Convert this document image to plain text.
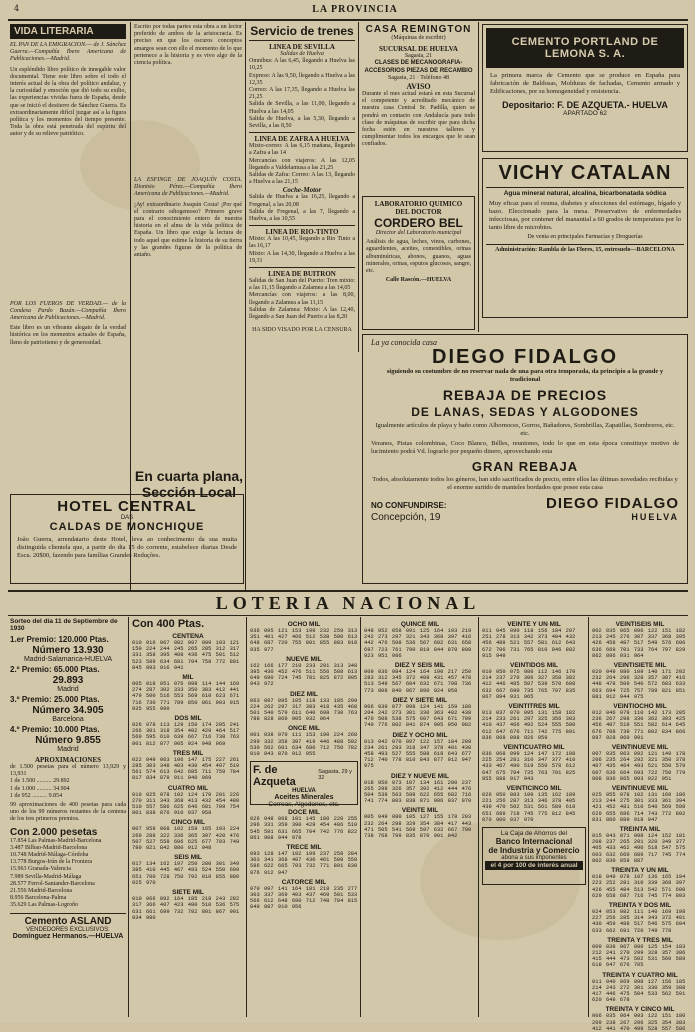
4	LA PROVINCIA
VIDA LITERARIA
EL PAN DE LA EMIGRACION.— de J. Sánchez Guerra.—Compañía Ibero Americana de Publicaciones.—Madrid.
Un espléndido libro político de innegable valor documental. Tiene este libro sobre el todo el interés actual de la obra del político andaluz, y la curiosidad y emoción que dió todo su exilio, las experiencias vividas fuera de España, desde que se inició el destierro de Sánchez Guerra. Es extraordinariamente difícil juzgar así a la figura política y los momentos del tiempo presente. Toda la obra está penetrada del espíritu del autor y de su relieve patriótico.
POR LOS FUEROS DE VERDAD.— de la Condesa Pardo Bazán.—Compañía Ibero Americana de Publicaciones.—Madrid.
Este libro es un vibrante alegato de la verdad histórica en los momentos actuales de España, lleno de patriotismo y de generosidad.
Escrito por todas partes esta obra a un lector preferido de ambos de la aristocracia. Es preciso en que los oscuros conceptos amargos sean con ello el momento de lo que pertenece a la historia y es vivo algo de la ciencia política.
LA ESFINGE DE JOAQUÍN COSTA. Dionisio Pérez.—Compañía Ibero Americana de Publicaciones.—Madrid.
¡Ay! extraordinario Joaquín Costa! ¡Por qué el contrario odiogemoso? Primero grave para el conocimiento entero de nuestra historia en el alma de la vida política de España. Un libro que exige la lectura de todo aquel que estime la historia de su tierra y las grandes figuras de la política de antaño.
En cuarta plana,
Sección Local
HOTEL CENTRAL
DAS
CALDAS DE MONCHIQUE
João Guerra, arrendatario deste Hotel, leva ao conhecimento da sua muita distinguida clientela que, a partir do dia 15 do corrente, estabelece diarias Desde Escu. 20$00, fazendo para famílias Grandes Reduções.
Servicio de trenes
LINEA DE SEVILLA
Salidas de Huelva
Omnibus: A las 6,45, llegando a Huelva las 10,25
Expreso: A las 9,50, llegando a Huelva a las 12,35
Correo: A las 17,35, llegando a Huelva las 21,25
Salida de Sevilla, a las 11,00, llegando a Huelva a las 14,05
Salida de Huelva, a las 5,30, llegando a Sevilla, a las 8,50
LINEA DE ZAFRA A HUELVA
Mixto-correo: A las 6,15 mañana, llegando a Zafra a las 14
Mercancías con viajeros: A las 12,05 llegando a Valdelamusa a las 21,25
Salidas de Zafra: Correo: A las 13, llegando a Huelva a las 21,15
Coche-Motor
Salida de Huelva a las 16,25, llegando a Fregenal, a las 20,08
Salida de Fregenal, a las 7, llegando a Huelva, a las 10,55
LINEA DE RIO-TINTO
Mixto: A las 10,45, llegando a Rio Tinto a las 16,17
Mixto: A las 14,30, llegando a Huelva a las 19,31
LINEA DE BUITRON
Salidas de San Juan del Puerto: Tren mixto: a las 11,15 llegando a Zalamea a las 14,05
Mercancías con viajeros: a las 8,00, llegando a Zalamea a las 11,15
Salidas de Zalamea: Mixto: A las 12,40, llegando a San Juan del Puerto a las 8,20
HA SIDO VISADO POR LA CENSURA
CASA REMINGTON
(Máquinas de escribir)
SUCURSAL DE HUELVA
Sagasta, 21
CLASES DE MECANOGRAFIA- ACCESORIOS PIEZAS DE RECAMBIO
Sagasta, 21 · Teléfono 48
AVISO
Durante el mes actual estará en esta Sucursal el competente y acreditado mecánico de nuestra casa Central Sr. Padilla, quien se pondrá en contacto con Andalucía para todo clase de máquinas de escribir que para dicha fecha estén en nuestros talleres y cumplimentar todos los encargos que le sean confiados.
LABORATORIO QUIMICO
DEL DOCTOR
CORDERO BEL
Director del Laboratorio municipal
Análisis de agua, leches, vinos, carbones, aguardientes, aceites, comestibles, orinas albuminúricas, abonos, guanos, aguas minerales, orinas, esputos glucosos, sangre, etc.
Calle Rascón.—HUELVA
CEMENTO PORTLAND DE LEMONA S. A.
La primera marca de Cemento que se produce en España para fabricación de Baldosas, Molduras de fachadas, Cemento armado y Edificaciones, por su homogeneidad y resistencia.
Depositario: F. DE AZQUETA.- HUELVA
APARTADO 62
VICHY CATALAN
Agua mineral natural, alcalina, bicarbonatada sódica
Muy eficaz para el reuma, diabetes y afecciones del estómago, hígado y bazo. Eleccionado para la mesa. Preservativo de enfermedades infecciosas, por contener del manantial a 60 grados de temperatura por lo tanto libre de microbios.
De venta en principales Farmacias y Droguerías
Administración: Rambla de las Flores, 15, entresuelo—BARCELONA
La ya conocida casa
DIEGO FIDALGO
siguiendo su costumbre de no reservar nada de una para otra temporada, da principio a la grande y tradicional
REBAJA DE PRECIOS
DE LANAS, SEDAS Y ALGODONES
Igualmente artículos de playa y baño como Albornoces, Gorros, Bañadores, Sombrillas, Zapatillas, Sombreros, etc. etc.
Veranos, Pistas colombinas, Coco Blanco, Bélles, reuniones, todo lo que en esta época constituye motivo de lucimiento podrá Vd. lograrlo por pequeño dinero, aprovechando esta
GRAN REBAJA
Todos, absolutamente todos los géneros, han sido sacrificados de precio, entre ellos las últimas novedades recibidas y el enorme surtido de manteles bordados que posee esta casa
NO CONFUNDIRSE:	DIEGO FIDALGO
Concepción, 19	HUELVA
LOTERIA NACIONAL
Sorteo del día 11 de Septiembre de 1930
1.er Premio: 120.000 Ptas.
Número 13.930
Madrid-Salamanca-HUELVA
2.º Premio: 65.000 Ptas.
29.893
Madrid
3.º Premio: 25.000 Ptas.
Número 34.905
Barcelona
4.º Premio: 10.000 Ptas.
Número 9.855
Madrid
APROXIMACIONES
de 1.500 pesetas para el número 13,929 y 13,931
1 de 1.500 .......... 29.892
1 de 1.000 .......... 34.904
1 de 952 .......... 9.854
99 aproximaciones de 400 pesetas para cada uno de los 99 números restantes de la centena de los tres primeros premios.
Con 2.000 pesetas
17.854 Las Palmas-Madrid-Barcelona
3.487 Bilbao-Madrid-Barcelona
10.748 Madrid-Málaga-Córdoba
13.778 Burgos-Irún de la Frontera
15.963 Granada-Valencia
7.989 Sevilla-Madrid-Málaga
28.577 Ferrol-Santander-Barcelona
21.556 Madrid-Barcelona
8.956 Barcelona-Palma
35.629 Las Palmas-Logroño
Cemento ASLAND
VENDEDORES EXCLUSIVOS:
Domínguez Hermanos.—HUELVA
Con 400 Ptas.
CENTENA
010 016 067 082 097 099 103 121 150 224 244 245 265 285 312 317 331 358 395 408 436 475 501 512 523 589 634 681 704 758 772 801 845 893 916 941
MIL
005 018 051 076 098 114 144 169 274 287 302 333 350 383 412 441 479 500 516 553 569 610 623 671 716 730 771 789 850 861 903 915 935 955 990
DOS MIL
026 078 113 129 150 174 205 241 266 301 318 354 402 429 464 517 560 595 610 639 667 716 738 763 801 812 877 905 924 948 969
TRES MIL
022 049 063 106 147 175 227 261 285 303 348 403 430 454 497 519 561 574 613 642 685 711 759 784 817 834 879 911 940 969
CUATRO MIL
010 025 078 102 124 170 201 226 270 311 343 368 413 432 454 480 510 557 586 625 646 681 709 754 801 838 876 910 937 958
CINCO MIL
007 059 068 102 159 165 193 224 269 288 322 336 365 397 420 476 507 527 558 606 625 677 703 749 780 821 842 880 912 948
SEIS MIL
017 134 162 197 250 280 301 349 385 410 445 467 493 524 550 609 651 700 728 750 792 810 855 880 925 970
SIETE MIL
010 066 092 164 185 218 243 282 317 366 407 423 480 510 536 575 631 661 699 732 782 801 867 901 934 980
OCHO MIL
036 095 121 153 199 232 259 313 351 401 427 466 512 538 580 613 648 687 720 755 801 855 883 918 935 977
NUEVE MIL
162 166 177 210 233 291 313 348 395 430 452 476 511 556 588 613 649 690 724 745 781 825 872 905 943 972
DIEZ MIL
063 087 095 105 118 133 185 209 224 262 297 317 383 418 435 468 501 540 579 611 640 698 730 763 788 828 869 905 932 964
ONCE MIL
001 038 070 111 153 190 224 268 299 332 358 397 419 446 488 502 530 562 601 634 680 712 750 782 810 843 870 912 955
F. de Azqueta
Sagasta, 29 y 32
HUELVA
Aceites Minerales
Correas, Algodones, etc.
DOCE MIL
026 048 068 101 145 180 220 255 296 331 359 390 429 454 486 510 545 591 631 665 704 742 776 822 861 908 944 978
TRECE MIL
093 128 147 182 199 237 258 284 303 341 368 407 430 461 508 550 586 622 665 703 732 771 801 838 876 912 947
CATORCE MIL
070 097 141 164 181 218 235 277 303 337 369 403 437 469 501 533 566 612 648 690 712 748 784 815 849 887 910 956
QUINCE MIL
048 052 058 091 125 164 193 219 242 273 297 321 343 368 397 416 442 476 508 536 567 602 631 658 697 723 761 790 819 844 870 898 923 951 986
DIEZ Y SEIS MIL
009 036 084 124 164 190 217 250 283 312 345 372 408 431 457 478 513 549 567 604 632 671 708 736 773 808 840 867 890 924 958
DIEZ Y SIETE MIL
006 039 077 098 124 141 159 180 204 242 273 301 330 363 402 438 470 508 538 575 607 643 671 709 740 776 802 841 874 905 950 982
DIEZ Y OCHO MIL
013 042 070 097 122 157 184 209 234 261 293 318 347 378 401 430 458 493 527 555 588 618 643 677 712 740 778 810 843 877 912 947 975
DIEZ Y NUEVE MIL
018 050 073 107 134 161 200 237 265 299 326 357 392 412 444 476 504 539 563 598 622 655 682 716 741 774 803 838 871 906 937 970
VEINTE MIL
005 049 080 105 127 155 178 203 232 264 298 329 354 384 417 443 471 505 541 569 597 632 667 700 738 768 799 835 870 901 942
VEINTE Y UN MIL
011 045 090 118 156 184 207 251 278 313 342 373 404 432 456 489 521 557 581 612 643 672 706 731 765 810 846 882 915 949
VEINTIDOS MIL
010 050 075 080 112 146 170 214 237 270 306 327 358 382 412 446 485 507 539 570 608 632 667 690 735 765 797 835 867 894 931 965
VEINTITRES MIL
013 037 070 095 131 158 182 214 233 261 297 325 356 383 410 437 466 492 524 555 580 612 647 676 711 742 775 801 836 868 898 926 959
VEINTICUATRO MIL
036 068 099 124 147 172 198 225 254 281 310 347 377 410 433 467 490 519 550 578 612 647 675 704 735 763 791 825 855 888 917 943
VEINTICINCO MIL
026 050 083 109 135 162 189 221 256 287 313 346 378 405 439 470 502 531 561 589 618 651 689 718 745 775 812 845 870 900 937 970
La Caja de Ahorros del
Banco Internacional
de Industria y Comercio
abona a sus imponentes
el 4 por 100 de interés anual
VEINTISEIS MIL
002 035 065 096 122 151 182 213 245 276 307 337 368 395 426 458 487 517 549 576 606 636 669 701 733 764 797 829 862 896 931 964
VEINTISIETE MIL
020 049 080 109 140 171 202 232 264 296 328 357 387 416 448 478 509 540 572 603 633 663 694 725 757 789 821 851 881 912 944 975
VEINTIOCHO MIL
012 046 078 110 142 173 205 236 267 298 330 362 393 425 456 487 519 551 582 614 645 676 708 739 771 802 834 866 897 928 960 991
VEINTINUEVE MIL
007 035 063 092 121 149 178 206 235 264 292 321 350 378 407 435 464 493 521 550 579 607 636 664 693 722 750 779 808 836 865 893 922 951
VEINTINUEVE MIL
025 055 078 102 131 160 186 213 244 275 301 333 361 394 421 452 481 510 540 569 598 629 655 686 714 743 772 802 831 860 889 918 947
TREINTA MIL
015 043 071 098 124 152 181 208 237 265 291 320 349 377 405 433 462 490 518 547 575 603 632 660 689 717 745 774 802 830 859 887
TREINTA Y UN MIL
018 049 078 107 136 165 194 223 252 281 310 339 368 397 426 455 484 513 542 571 600 629 658 687 716 745 774 803
TREINTA Y DOS MIL
024 053 082 111 140 169 198 227 256 285 314 343 372 401 430 459 488 517 546 575 604 633 662 691 720 749 778
TREINTA Y TRES MIL
009 038 067 096 125 154 183 212 241 270 299 328 357 386 415 444 473 502 531 560 589 618 647 676 705
TREINTA Y CUATRO MIL
011 040 069 098 127 156 185 214 243 272 301 330 359 388 417 446 475 504 533 562 591 620 649 678
TREINTA Y CINCO MIL
006 035 064 093 122 151 180 209 238 267 296 325 354 383 412 441 470 499 528 557 586
